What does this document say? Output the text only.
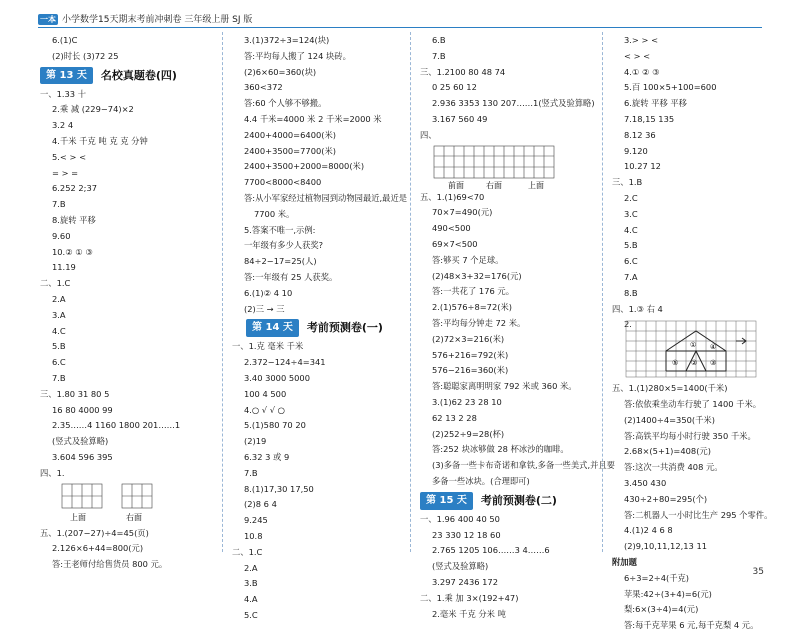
一本 小学数学15天期末考前冲刺卷 三年级上册 SJ 版
6.(1)C
(2)时长 (3)72 25
第 13 天	名校真题卷(四)
一、1.33 十
2.乘 减 (229−74)×2
3.2 4
4.千米 千克 吨 克 克 分钟
5.< > <
= > =
6.252 2;37
7.B
8.旋转 平移
9.60
10.② ① ③
11.19
二、1.C
2.A
3.A
4.C
5.B
6.C
7.B
三、1.80 31 80 5
16 80 4000 99
2.35……4 1160 1800 201……1
(竖式及验算略)
3.604 596 395
四、1.
上面	右面
五、1.(207−27)÷4=45(页)
2.126×6+44=800(元)
答:王老师付给售货员 800 元。
3.(1)372÷3=124(块)
答:平均每人搬了 124 块砖。
(2)6×60=360(块)
360<372
答:60 个人够不够搬。
4.4 千米=4000 米 2 千米=2000 米
2400+4000=6400(米)
2400+3500=7700(米)
2400+3500+2000=8000(米)
7700<8000<8400
答:从小军家经过植物园到动物园最近,最近是
7700 米。
5.答案不唯一,示例:
一年级有多少人获奖?
84÷2−17=25(人)
答:一年级有 25 人获奖。
6.(1)② 4 10
(2)三 → 三
第 14 天	考前预测卷(一)
一、1.克 毫米 千米
2.372−124÷4=341
3.40 3000 5000
100 4 500
4.○ √ √ ○
5.(1)580 70 20
(2)19
6.32 3 或 9
7.B
8.(1)17,30 17,50
(2)8 6 4
9.245
10.8
二、1.C
2.A
3.B
4.A
5.C
6.B
7.B
三、1.2100 80 48 74
0 25 60 12
2.936 3353 130 207……1(竖式及验算略)
3.167 560 49
四、
前面	右面	上面
五、1.(1)69<70
70×7=490(元)
490<500
69×7<500
答:够买 7 个足球。
(2)48×3+32=176(元)
答:一共花了 176 元。
2.(1)576÷8=72(米)
答:平均每分钟走 72 米。
(2)72×3=216(米)
576+216=792(米)
576−216=360(米)
答:聪聪家离明明家 792 米或 360 米。
3.(1)62 23 28 10
62 13 2 28
(2)252÷9=28(杯)
答:252 块冰够做 28 杯冰沙的咖啡。
(3)多备一些卡布奇诺和拿铁,多备一些美式,并且要
多备一些冰块。(合理即可)
第 15 天	考前预测卷(二)
一、1.96 400 40 50
23 330 12 18 60
2.765 1205 106……3 4……6
(竖式及验算略)
3.297 2436 172
二、1.乘 加 3×(192+47)
2.毫米 千克 分米 吨
3.> > <
< > <
4.① ② ③
5.百 100×5+100=600
6.旋转 平移 平移
7.18,15 135
8.12 36
9.120
10.27 12
三、1.B
2.C
3.C
4.C
5.B
6.C
7.A
8.B
四、1.③ 右 4
2.
⑤
①
② ③
④
五、1.(1)280×5=1400(千米)
答:依依乘坐动车行驶了 1400 千米。
(2)1400÷4=350(千米)
答:高铁平均每小时行驶 350 千米。
2.68×(5+1)=408(元)
答:这次一共消费 408 元。
3.450 430
430÷2+80=295(个)
答:二机器人一小时比生产 295 个零件。
4.(1)2 4 6 8
(2)9,10,11,12,13 11
附加题
6÷3=2÷4(千克)
苹果:42÷(3+4)=6(元)
梨:6×(3÷4)=4(元)
答:每千克苹果 6 元,每千克梨 4 元。
35
